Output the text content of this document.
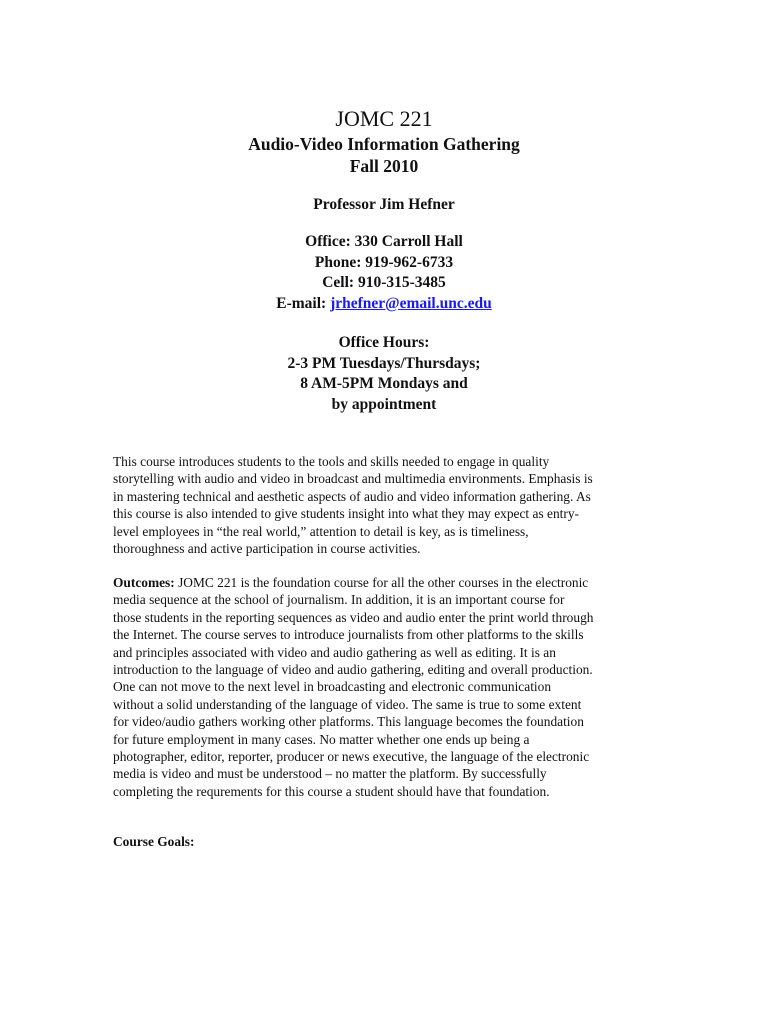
JOMC 221
Audio-Video Information Gathering
Fall 2010
Professor Jim Hefner
Office: 330 Carroll Hall
Phone: 919-962-6733
Cell: 910-315-3485
E-mail: jrhefner@email.unc.edu
Office Hours:
2-3 PM Tuesdays/Thursdays;
8 AM-5PM Mondays and
by appointment
This course introduces students to the tools and skills needed to engage in quality
storytelling with audio and video in broadcast and multimedia environments. Emphasis is
in mastering technical and aesthetic aspects of audio and video information gathering. As
this course is also intended to give students insight into what they may expect as entry-
level employees in “the real world,” attention to detail is key, as is timeliness,
thoroughness and active participation in course activities.
Outcomes: JOMC 221 is the foundation course for all the other courses in the electronic
media sequence at the school of journalism. In addition, it is an important course for
those students in the reporting sequences as video and audio enter the print world through
the Internet. The course serves to introduce journalists from other platforms to the skills
and principles associated with video and audio gathering as well as editing. It is an
introduction to the language of video and audio gathering, editing and overall production.
One can not move to the next level in broadcasting and electronic communication
without a solid understanding of the language of video. The same is true to some extent
for video/audio gathers working other platforms. This language becomes the foundation
for future employment in many cases. No matter whether one ends up being a
photographer, editor, reporter, producer or news executive, the language of the electronic
media is video and must be understood – no matter the platform. By successfully
completing the requrements for this course a student should have that foundation.
Course Goals:
